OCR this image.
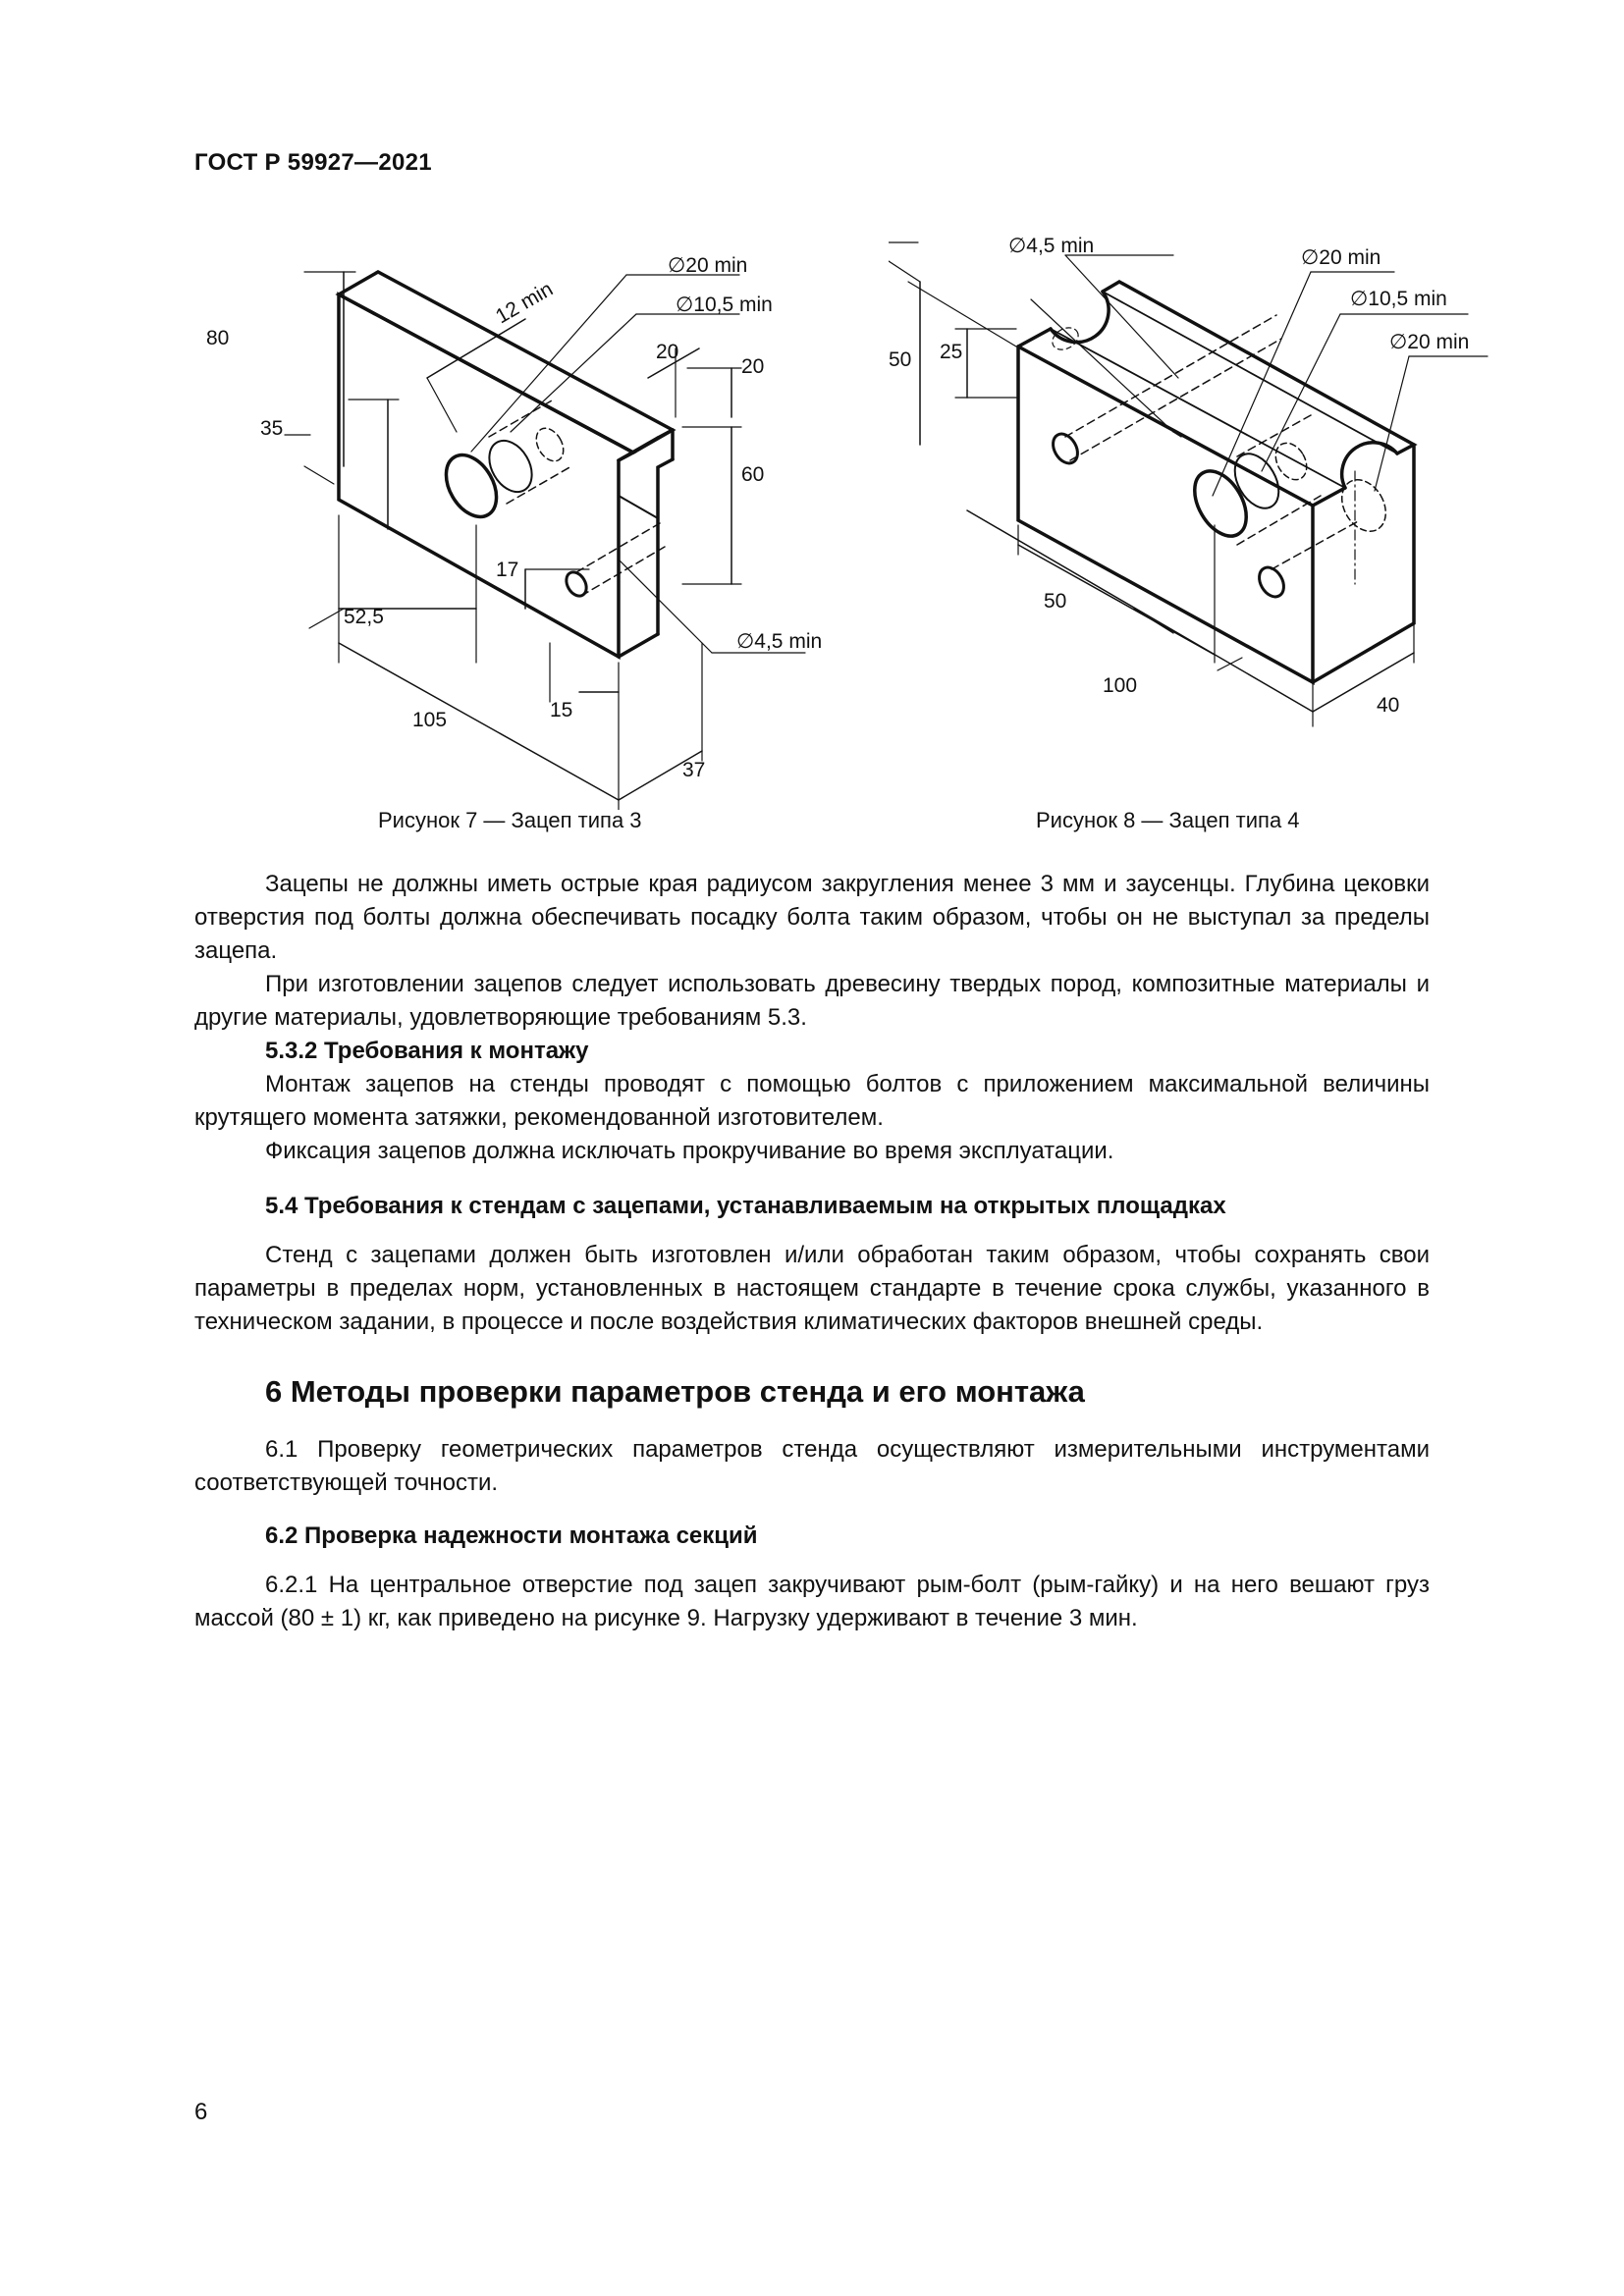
ГОСТ Р 59927—2021
80
35
12 min
∅20 min
∅10,5 min
20
20
60
17
52,5
∅4,5 min
15
105
37
∅4,5 min
∅20 min
∅10,5 min
∅20 min
50 25
50
100
40
Рисунок 7 — Зацеп типа 3	Рисунок 8 — Зацеп типа 4

Зацепы не должны иметь острые края радиусом закругления менее 3 мм и заусенцы. Глубина цековки отверстия под болты должна обеспечивать посадку болта таким образом, чтобы он не выступал за пределы зацепа.

При изготовлении зацепов следует использовать древесину твердых пород, композитные материалы и другие материалы, удовлетворяющие требованиям 5.3.

5.3.2 Требования к монтажу

Монтаж зацепов на стенды проводят с помощью болтов с приложением максимальной величины крутящего момента затяжки, рекомендованной изготовителем.

Фиксация зацепов должна исключать прокручивание во время эксплуатации.

5.4 Требования к стендам с зацепами, устанавливаемым на открытых площадках

Стенд с зацепами должен быть изготовлен и/или обработан таким образом, чтобы сохранять свои параметры в пределах норм, установленных в настоящем стандарте в течение срока службы, указанного в техническом задании, в процессе и после воздействия климатических факторов внешней среды.

6 Методы проверки параметров стенда и его монтажа

6.1 Проверку геометрических параметров стенда осуществляют измерительными инструментами соответствующей точности.

6.2 Проверка надежности монтажа секций

6.2.1 На центральное отверстие под зацеп закручивают рым-болт (рым-гайку) и на него вешают груз массой (80 ± 1) кг, как приведено на рисунке 9. Нагрузку удерживают в течение 3 мин.

6
